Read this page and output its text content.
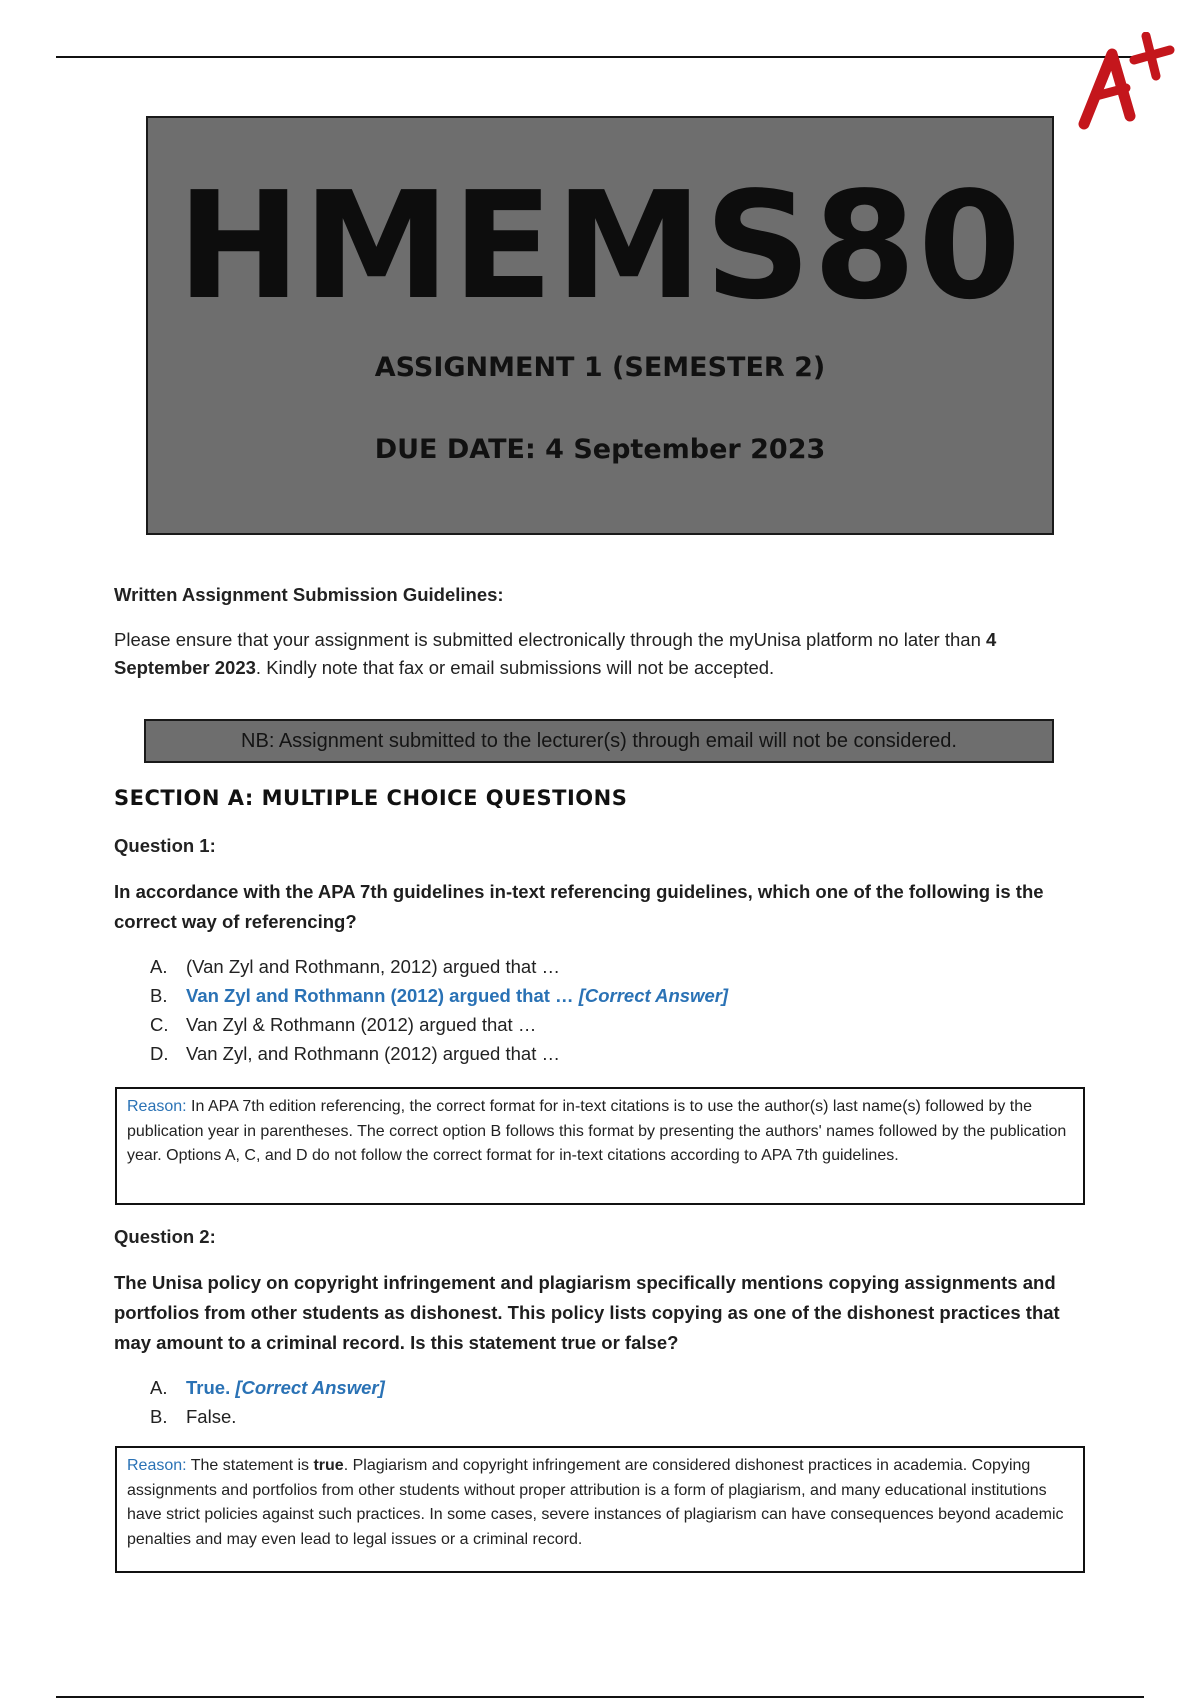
HMEMS80
ASSIGNMENT 1 (SEMESTER 2)
DUE DATE: 4 September 2023
Written Assignment Submission Guidelines:
Please ensure that your assignment is submitted electronically through the myUnisa platform no later than 4 September 2023. Kindly note that fax or email submissions will not be accepted.
NB: Assignment submitted to the lecturer(s) through email will not be considered.
SECTION A: MULTIPLE CHOICE QUESTIONS
Question 1:
In accordance with the APA 7th guidelines in-text referencing guidelines, which one of the following is the correct way of referencing?
A.	(Van Zyl and Rothmann, 2012) argued that …
B.	Van Zyl and Rothmann (2012) argued that … [Correct Answer]
C. Van Zyl & Rothmann (2012) argued that …
D. Van Zyl, and Rothmann (2012) argued that …
Reason: In APA 7th edition referencing, the correct format for in-text citations is to use the author(s) last name(s) followed by the publication year in parentheses. The correct option B follows this format by presenting the authors' names followed by the publication year. Options A, C, and D do not follow the correct format for in-text citations according to APA 7th guidelines.
Question 2:
The Unisa policy on copyright infringement and plagiarism specifically mentions copying assignments and portfolios from other students as dishonest. This policy lists copying as one of the dishonest practices that may amount to a criminal record. Is this statement true or false?
A.	True. [Correct Answer]
B.	False.
Reason: The statement is true. Plagiarism and copyright infringement are considered dishonest practices in academia. Copying assignments and portfolios from other students without proper attribution is a form of plagiarism, and many educational institutions have strict policies against such practices. In some cases, severe instances of plagiarism can have consequences beyond academic penalties and may even lead to legal issues or a criminal record.
